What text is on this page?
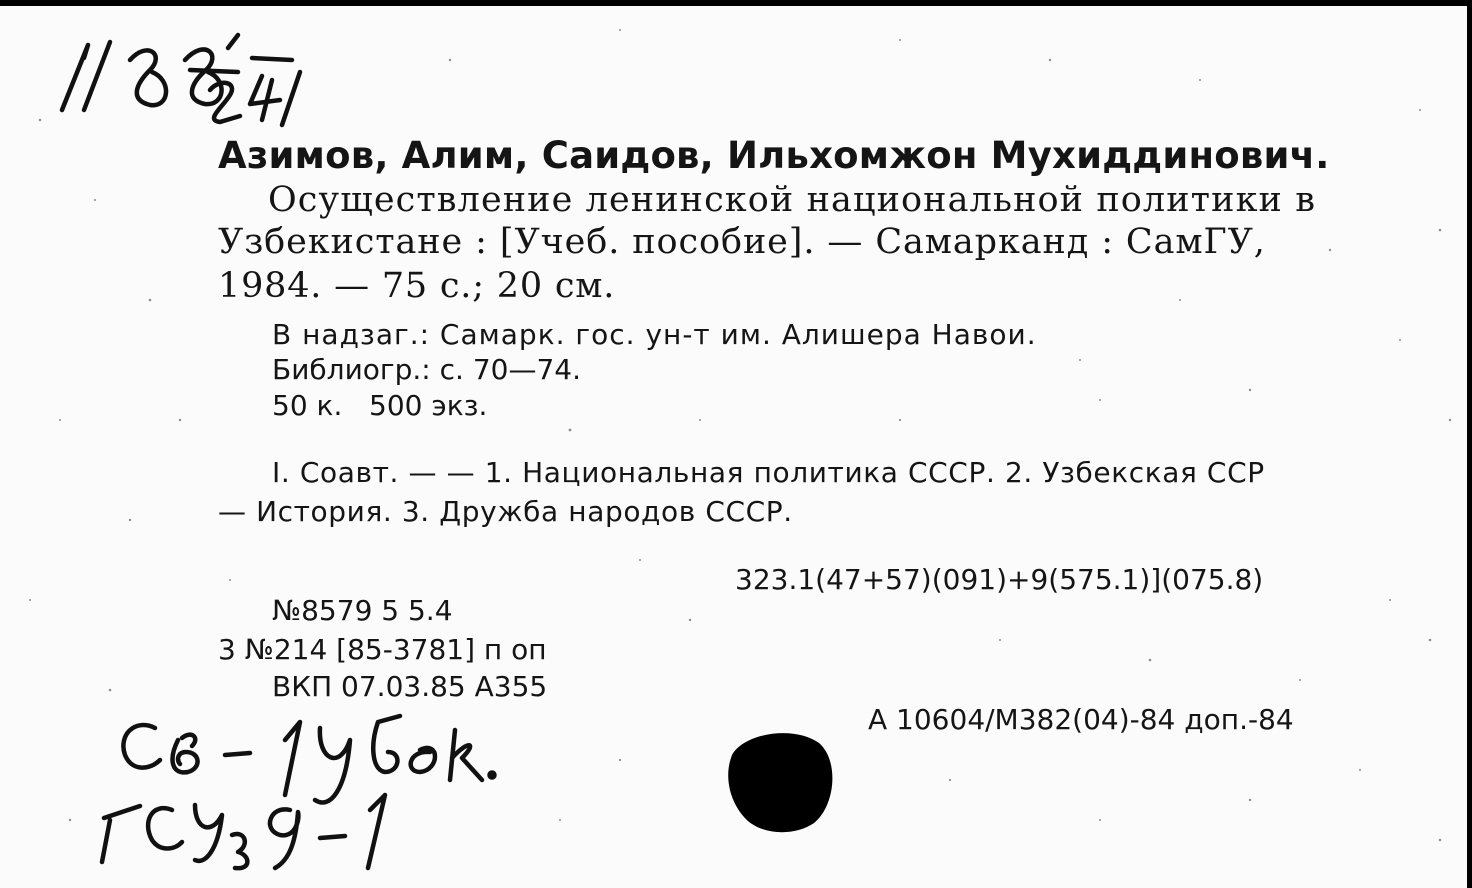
Азимов, Алим, Саидов, Ильхомжон Мухиддинович.
Осуществление ленинской национальной политики в
Узбекистане : [Учеб. пособие]. — Самарканд : СамГУ,
1984. — 75 с.; 20 см.
В надзаг.: Самарк. гос. ун-т им. Алишера Навои.
Библиогр.: с. 70—74.
50 к.   500 экз.
I. Соавт. — — 1. Национальная политика СССР. 2. Узбекская ССР
— История. 3. Дружба народов СССР.
323.1(47+57)(091)+9(575.1)](075.8)
№8579 5 5.4
3 №214 [85-3781] п оп
ВКП 07.03.85 А355
А 10604/М382(04)-84 доп.-84
